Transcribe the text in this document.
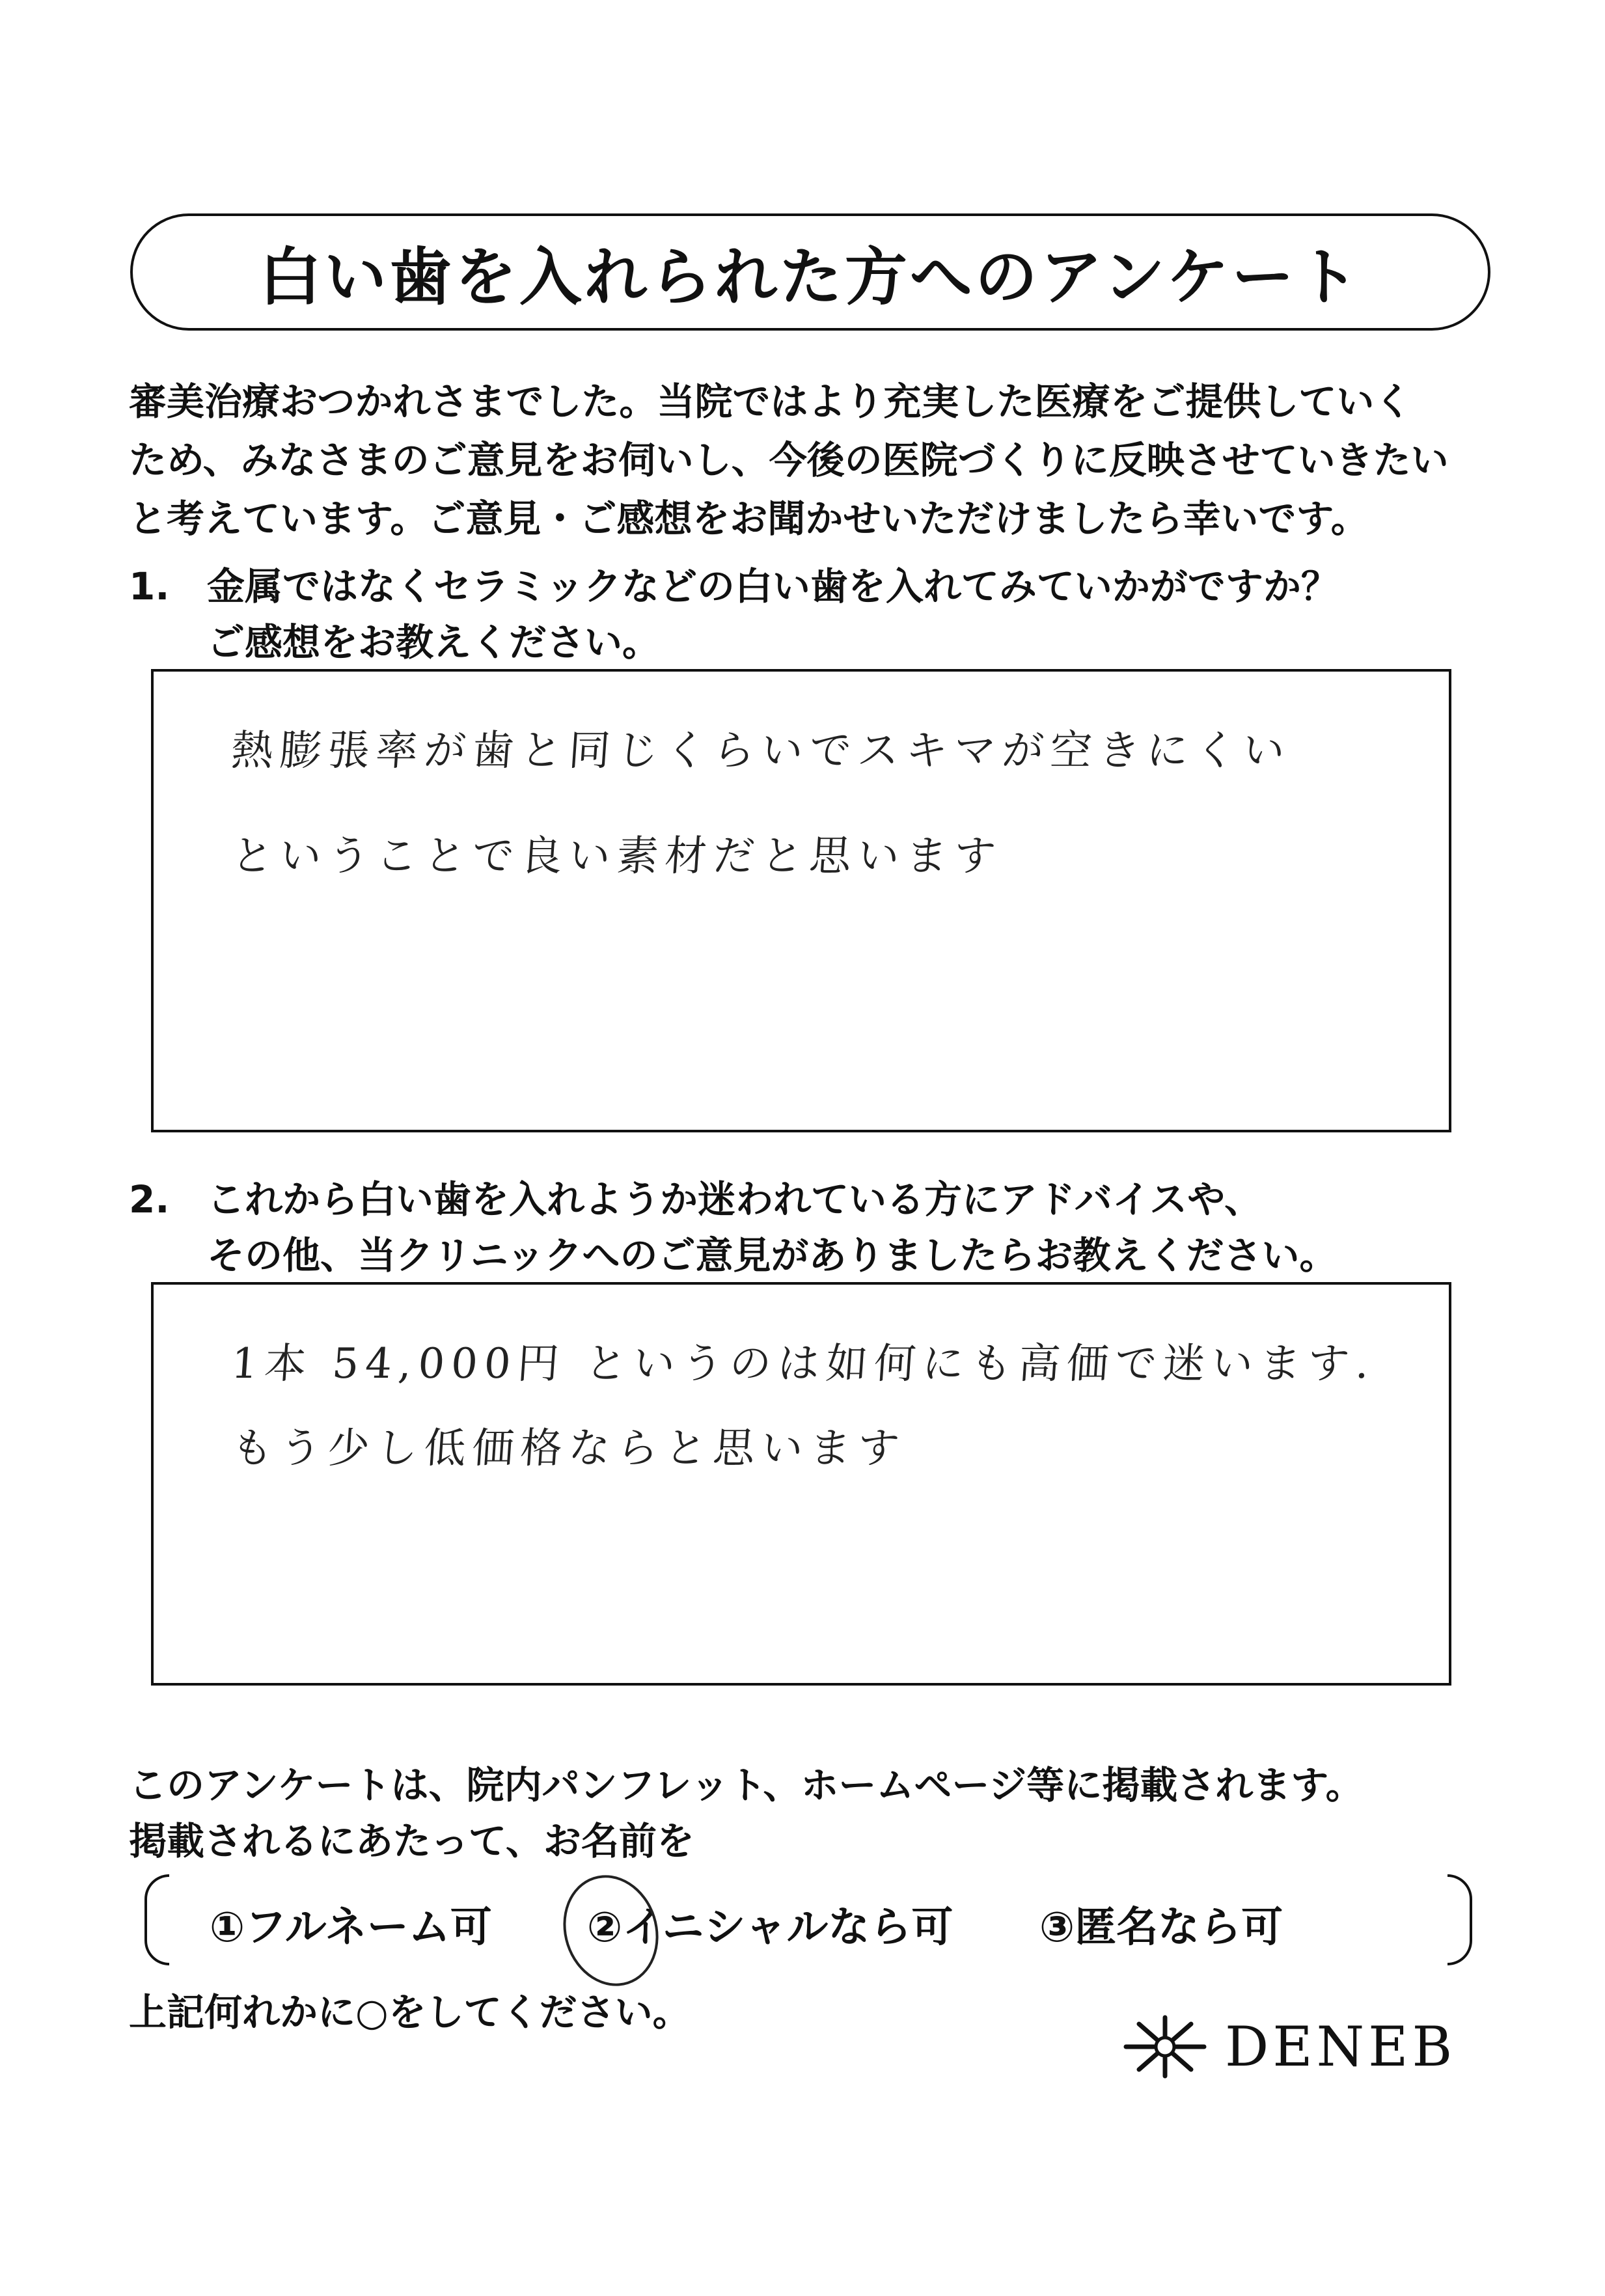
白い歯を入れられた方へのアンケート

審美治療おつかれさまでした。当院ではより充実した医療をご提供していく

ため、みなさまのご意見をお伺いし、今後の医院づくりに反映させていきたい

と考えています。ご意見・ご感想をお聞かせいただけましたら幸いです。

1. 金属ではなくセラミックなどの白い歯を入れてみていかがですか？

ご感想をお教えください。

熱膨張率が歯と同じくらいでスキマが空きにくい
ということで良い素材だと思います

2. これから白い歯を入れようか迷われている方にアドバイスや、

その他、当クリニックへのご意見がありましたらお教えください。

1本 54,000円 というのは如何にも高価で迷います.
もう少し低価格ならと思います

このアンケートは、院内パンフレット、ホームページ等に掲載されます。

掲載されるにあたって、お名前を

①フルネーム可 ②イニシャルなら可 ③匿名なら可
上記何れかに○をしてください。
DENEB
